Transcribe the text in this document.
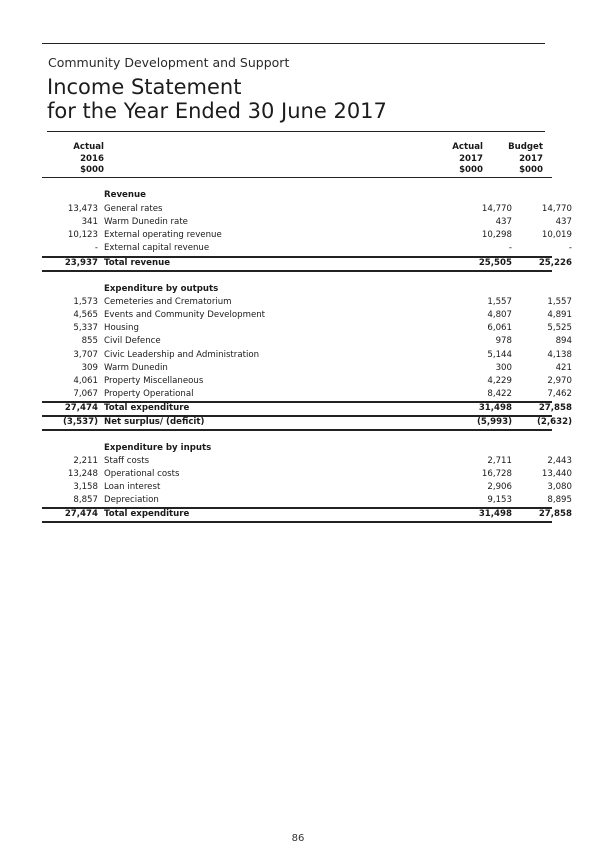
Community Development and Support
Income Statement
for the Year Ended 30 June 2017
Actual
2016
$000
Actual
2017
$000
Budget
2017
$000
Revenue
13,473 General rates	14,770	14,770
341 Warm Dunedin rate	437	437
10,123 External operating revenue	10,298	10,019
- External capital revenue	-	-
23,937 Total revenue	25,505	25,226
Expenditure by outputs
1,573 Cemeteries and Crematorium	1,557	1,557
4,565 Events and Community Development	4,807	4,891
5,337 Housing	6,061	5,525
855 Civil Defence	978	894
3,707 Civic Leadership and Administration	5,144	4,138
309 Warm Dunedin	300	421
4,061 Property Miscellaneous	4,229	2,970
7,067 Property Operational	8,422	7,462
27,474 Total expenditure	31,498	27,858
(3,537) Net surplus/ (deficit)	(5,993)	(2,632)
Expenditure by inputs
2,211 Staff costs	2,711	2,443
13,248 Operational costs	16,728	13,440
3,158 Loan interest	2,906	3,080
8,857 Depreciation	9,153	8,895
27,474 Total expenditure	31,498	27,858
86
